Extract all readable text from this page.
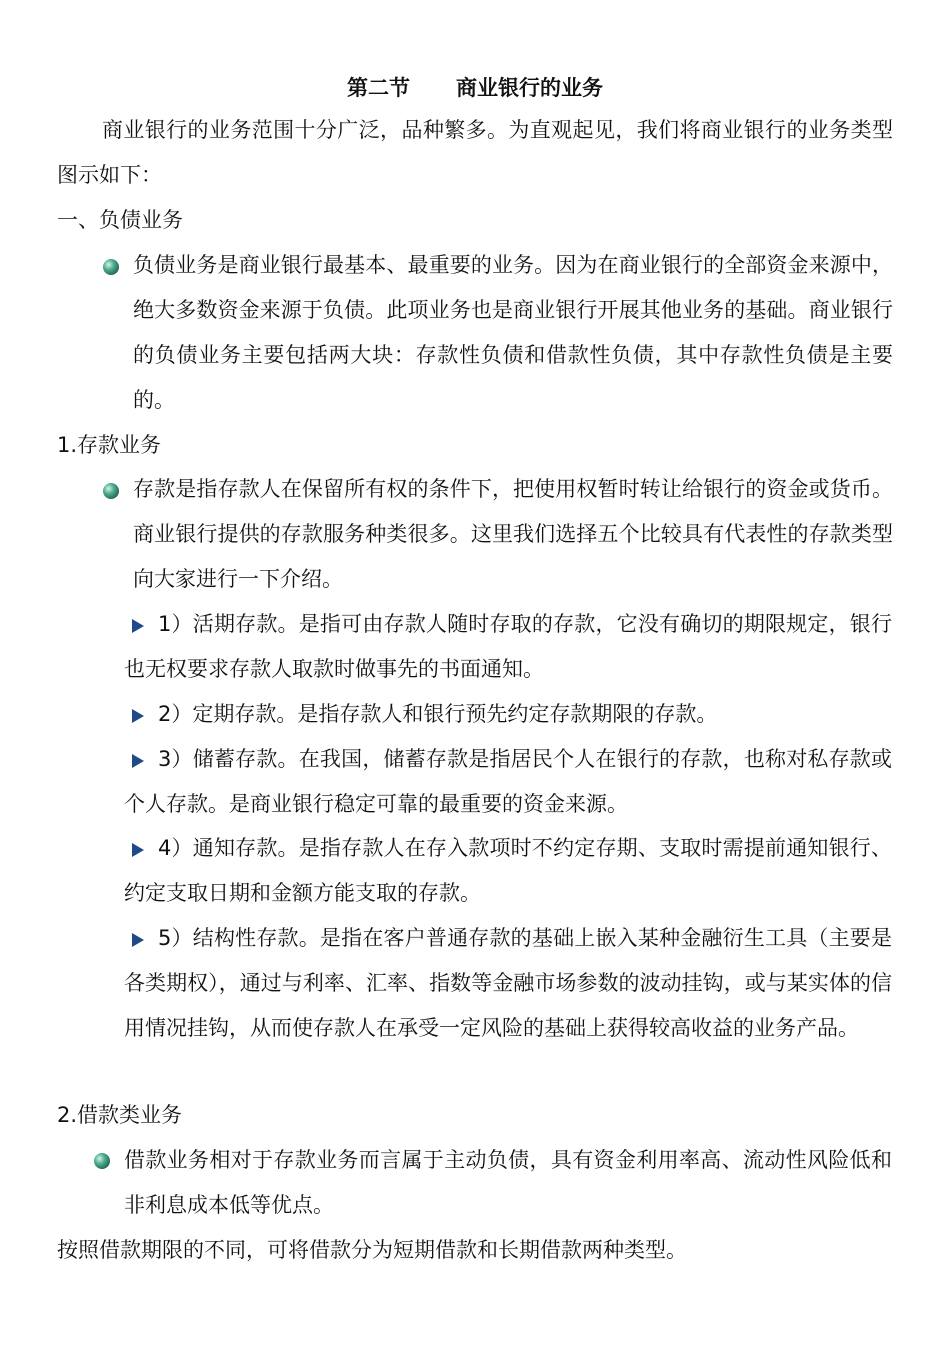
第二节 商业银行的业务
商业银行的业务范围十分广泛，品种繁多。为直观起见，我们将商业银行的业务类型图示如下：
一、负债业务
负债业务是商业银行最基本、最重要的业务。因为在商业银行的全部资金来源中，绝大多数资金来源于负债。此项业务也是商业银行开展其他业务的基础。商业银行的负债业务主要包括两大块：存款性负债和借款性负债，其中存款性负债是主要的。
1.存款业务
存款是指存款人在保留所有权的条件下，把使用权暂时转让给银行的资金或货币。商业银行提供的存款服务种类很多。这里我们选择五个比较具有代表性的存款类型向大家进行一下介绍。
1）活期存款。是指可由存款人随时存取的存款，它没有确切的期限规定，银行也无权要求存款人取款时做事先的书面通知。
2）定期存款。是指存款人和银行预先约定存款期限的存款。
3）储蓄存款。在我国，储蓄存款是指居民个人在银行的存款，也称对私存款或个人存款。是商业银行稳定可靠的最重要的资金来源。
4）通知存款。是指存款人在存入款项时不约定存期、支取时需提前通知银行、约定支取日期和金额方能支取的存款。
5）结构性存款。是指在客户普通存款的基础上嵌入某种金融衍生工具（主要是各类期权），通过与利率、汇率、指数等金融市场参数的波动挂钩，或与某实体的信用情况挂钩，从而使存款人在承受一定风险的基础上获得较高收益的业务产品。
2.借款类业务
借款业务相对于存款业务而言属于主动负债，具有资金利用率高、流动性风险低和非利息成本低等优点。
按照借款期限的不同，可将借款分为短期借款和长期借款两种类型。
